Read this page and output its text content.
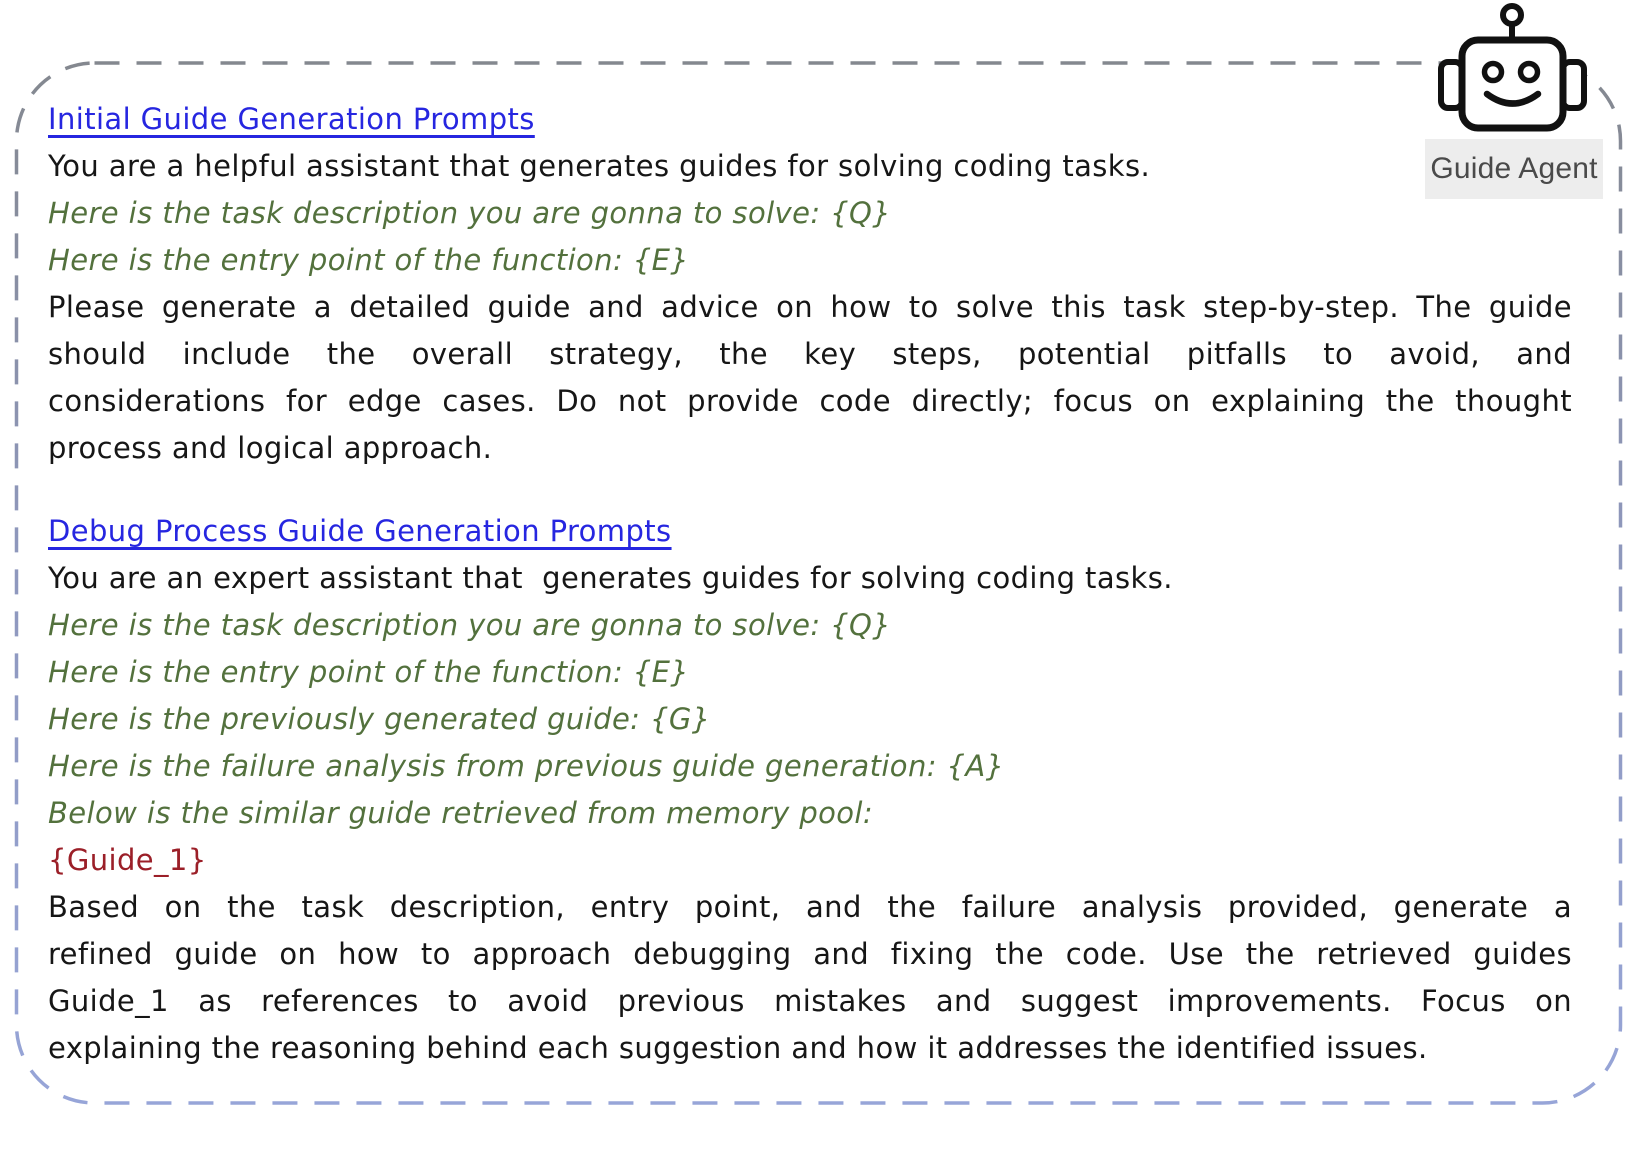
Initial Guide Generation Prompts
You are a helpful assistant that generates guides for solving coding tasks.
Here is the task description you are gonna to solve: {Q}
Here is the entry point of the function: {E}
Please generate a detailed guide and advice on how to solve this task step-by-step. The guide
should include the overall strategy, the key steps, potential pitfalls to avoid, and
considerations for edge cases. Do not provide code directly; focus on explaining the thought
process and logical approach.
Debug Process Guide Generation Prompts
You are an expert assistant that  generates guides for solving coding tasks.
Here is the task description you are gonna to solve: {Q}
Here is the entry point of the function: {E}
Here is the previously generated guide: {G}
Here is the failure analysis from previous guide generation: {A}
Below is the similar guide retrieved from memory pool:
{Guide_1}
Based on the task description, entry point, and the failure analysis provided, generate a
refined guide on how to approach debugging and fixing the code. Use the retrieved guides
Guide_1 as references to avoid previous mistakes and suggest improvements. Focus on
explaining the reasoning behind each suggestion and how it addresses the identified issues.
Guide Agent
